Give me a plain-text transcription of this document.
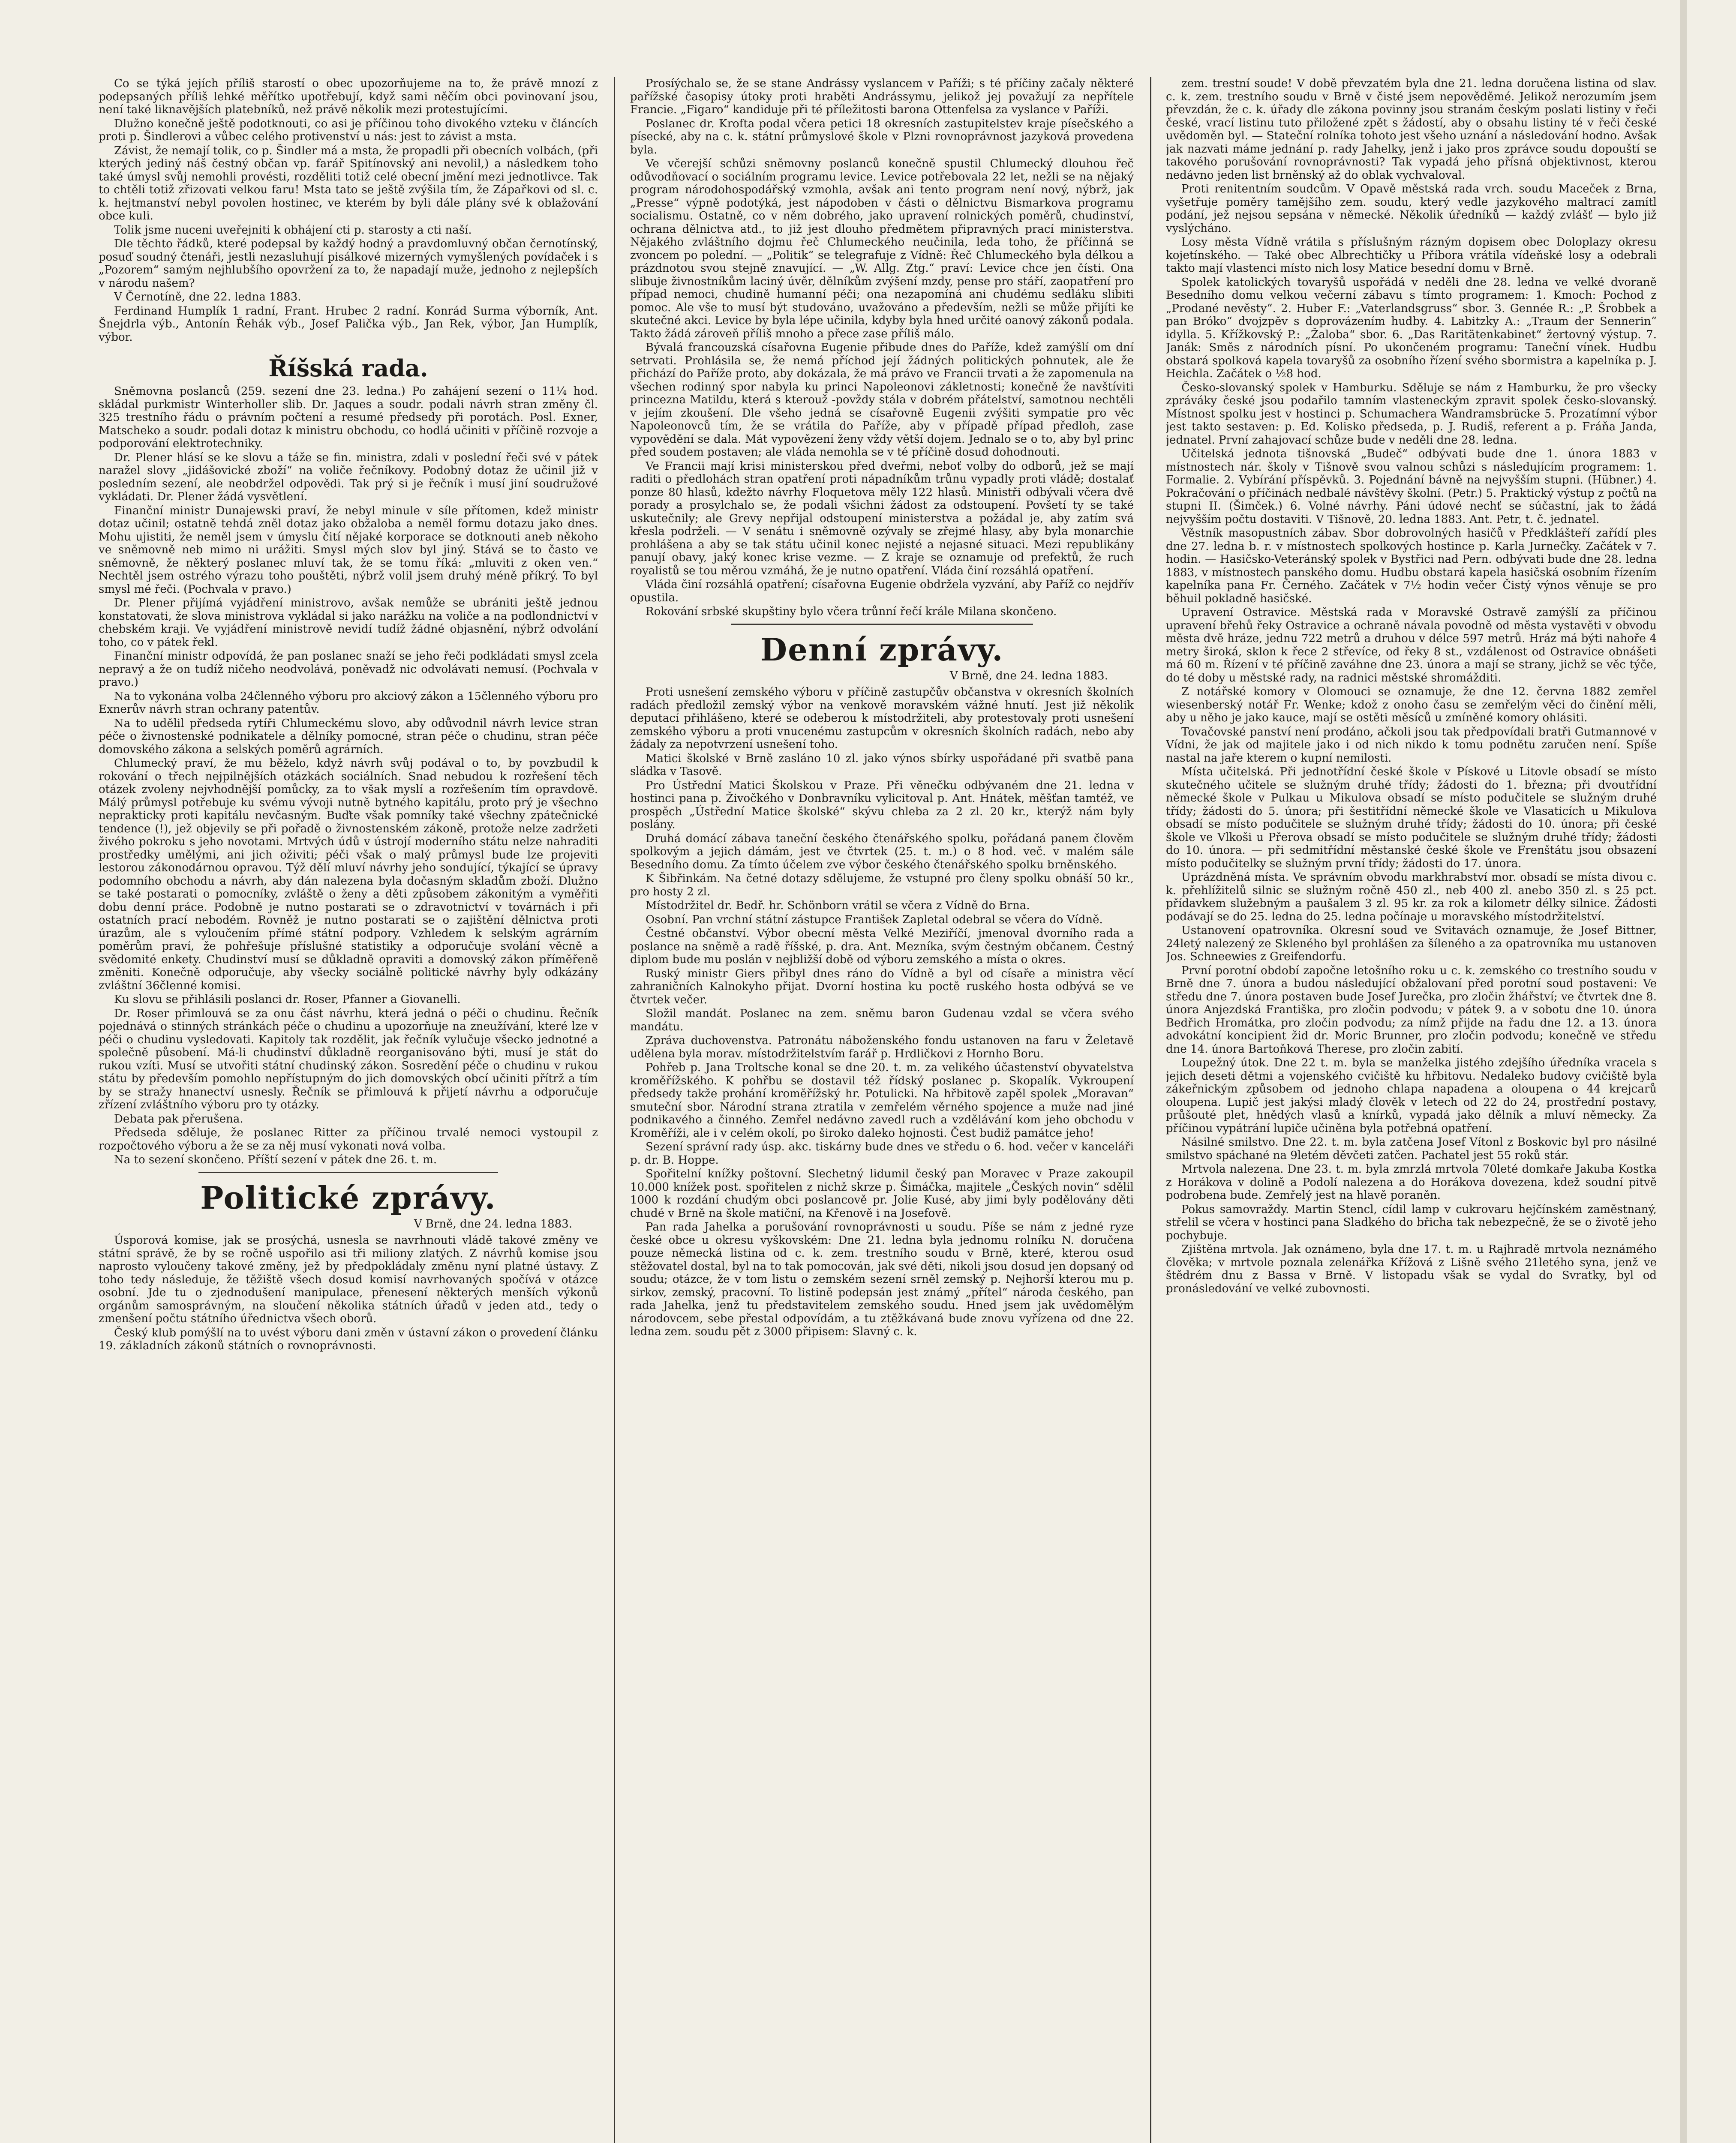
Co se týká jejích příliš starostí o obec upozorňujeme na to, že právě mnozí z podepsaných příliš lehké měřítko upotřebují, když sami něčím obci povinovaní jsou, není také liknavějších platebníků, než právě několik mezi protestujícími.

Dlužno konečně ještě podotknouti, co asi je příčinou toho divokého vzteku v článcích proti p. Šindlerovi a vůbec celého protivenství u nás: jest to závist a msta.

Závist, že nemají tolik, co p. Šindler má a msta, že propadli při obecních volbách, (při kterých jediný náš čestný občan vp. farář Spitínovský ani nevolil,) a následkem toho také úmysl svůj nemohli provésti, rozděliti totiž celé obecní jmění mezi jednotlivce. Tak to chtěli totiž zřizovati velkou faru! Msta tato se ještě zvýšila tím, že Zápařkovi od sl. c. k. hejtmanství nebyl povolen hostinec, ve kterém by byli dále plány své k oblažování obce kuli.

Tolik jsme nuceni uveřejniti k obhájení cti p. starosty a cti naší.

Dle těchto řádků, které podepsal by každý hodný a pravdomluvný občan černotínský, posuď soudný čtenáři, jestli nezasluhují pisálkové mizerných vymyšlených povídaček i s „Pozorem“ samým nejhlubšího opovržení za to, že napadají muže, jednoho z nejlepších v národu našem?

V Černotíně, dne 22. ledna 1883.

Ferdinand Humplík 1 radní, Frant. Hrubec 2 radní. Konrád Surma výborník, Ant. Šnejdrla výb., Antonín Řehák výb., Josef Palička výb., Jan Rek, výbor, Jan Humplík, výbor.

Říšská rada.

Sněmovna poslanců (259. sezení dne 23. ledna.) Po zahájení sezení o 11¼ hod. skládal purkmistr Winterholler slib. Dr. Jaques a soudr. podali návrh stran změny čl. 325 trestního řádu o právním počtení a resumé předsedy při porotách. Posl. Exner, Matscheko a soudr. podali dotaz k ministru obchodu, co hodlá učiniti v příčině rozvoje a podporování elektrotechniky.

Dr. Plener hlásí se ke slovu a táže se fin. ministra, zdali v poslední řeči své v pátek naražel slovy „jidášovické zboží“ na voliče řečníkovy. Podobný dotaz že učinil již v posledním sezení, ale neobdržel odpovědi. Tak prý si je řečník i musí jiní soudružové vykládati. Dr. Plener žádá vysvětlení.

Finanční ministr Dunajewski praví, že nebyl minule v síle přítomen, kdež ministr dotaz učinil; ostatně tehdá zněl dotaz jako obžaloba a neměl formu dotazu jako dnes. Mohu ujistiti, že neměl jsem v úmyslu čití nějaké korporace se dotknouti aneb někoho ve sněmovně neb mimo ni urážiti. Smysl mých slov byl jiný. Stává se to často ve sněmovně, že některý poslanec mluví tak, že se tomu říká: „mluviti z oken ven.“ Nechtěl jsem ostrého výrazu toho pouštěti, nýbrž volil jsem druhý méně příkrý. To byl smysl mé řeči. (Pochvala v pravo.)

Dr. Plener přijímá vyjádření ministrovo, avšak nemůže se ubrániti ještě jednou konstatovati, že slova ministrova vykládal si jako narážku na voliče a na podlondnictví v chebském kraji. Ve vyjádření ministrově nevidí tudíž žádné objasnění, nýbrž odvolání toho, co v pátek řekl.

Finanční ministr odpovídá, že pan poslanec snaží se jeho řeči podkládati smysl zcela nepravý a že on tudíž ničeho neodvolává, poněvadž nic odvolávati nemusí. (Pochvala v pravo.)

Na to vykonána volba 24členného výboru pro akciový zákon a 15členného výboru pro Exnerův návrh stran ochrany patentův.

Na to udělil předseda rytíři Chlumeckému slovo, aby odůvodnil návrh levice stran péče o živnostenské podnikatele a dělníky pomocné, stran péče o chudinu, stran péče domovského zákona a selských poměrů agrárních.

Chlumecký praví, že mu běželo, když návrh svůj podával o to, by povzbudil k rokování o třech nejpilnějších otázkách sociálních. Snad nebudou k rozřešení těch otázek zvoleny nejvhodnější pomůcky, za to však myslí a rozřešením tím opravdově. Málý průmysl potřebuje ku svému vývoji nutně bytného kapitálu, proto prý je všechno neprakticky proti kapitálu nevčasným. Buďte však pomníky také všechny zpátečnické tendence (!), jež objevily se při pořadě o živnostenském zákoně, protože nelze zadržeti živého pokroku s jeho novotami. Mrtvých údů v ústrojí moderního státu nelze nahraditi prostředky umělými, ani jich oživiti; péči však o malý průmysl bude lze projeviti lestorou zákonodárnou opravou. Týž dělí mluví návrhy jeho sondující, týkající se úpravy podomního obchodu a návrh, aby dán nalezena byla dočasným skladům zboží. Dlužno se také postarati o pomocníky, zvláště o ženy a děti způsobem zákonitým a vyměřiti dobu denní práce. Podobně je nutno postarati se o zdravotnictví v továrnách i při ostatních prací nebodém. Rovněž je nutno postarati se o zajištění dělnictva proti úrazům, ale s vyloučením přímé státní podpory. Vzhledem k selským agrárním poměrům praví, že pohřešuje příslušné statistiky a odporučuje svolání věcně a svědomité enkety. Chudinství musí se důkladně opraviti a domovský zákon příměřeně změniti. Konečně odporučuje, aby všecky sociálně politické návrhy byly odkázány zvláštní 36členné komisi.

Ku slovu se přihlásili poslanci dr. Roser, Pfanner a Giovanelli.

Dr. Roser přimlouvá se za onu část návrhu, která jedná o péči o chudinu. Řečník pojednává o stinných stránkách péče o chudinu a upozorňuje na zneužívání, které lze v péči o chudinu vysledovati. Kapitoly tak rozdělit, jak řečník vylučuje všecko jednotné a společně působení. Má-li chudinství důkladně reorganisováno býti, musí je stát do rukou vzíti. Musí se utvořiti státní chudinský zákon. Sosredění péče o chudinu v rukou státu by především pomohlo nepřístupným do jich domovských obcí učiniti přítrž a tím by se stražy hnanectví usnesly. Řečník se přimlouvá k přijetí návrhu a odporučuje zřízení zvláštního výboru pro ty otázky.

Debata pak přerušena.

Předseda sděluje, že poslanec Ritter za příčinou trvalé nemoci vystoupil z rozpočtového výboru a že se za něj musí vykonati nová volba.

Na to sezení skončeno. Příští sezení v pátek dne 26. t. m.

Politické zprávy.
V Brně, dne 24. ledna 1883.

Úsporová komise, jak se prosýchá, usnesla se navrhnouti vládě takové změny ve státní správě, že by se ročně uspořilo asi tři miliony zlatých. Z návrhů komise jsou naprosto vyloučeny takové změny, jež by předpokládaly změnu nyní platné ústavy. Z toho tedy následuje, že těžiště všech dosud komisí navrhovaných spočívá v otázce osobní. Jde tu o zjednodušení manipulace, přenesení některých menších výkonů orgánům samosprávným, na sloučení několika státních úřadů v jeden atd., tedy o zmenšení počtu státního úřednictva všech oborů.

Český klub pomýšlí na to uvést výboru dani změn v ústavní zákon o provedení článku 19. základních zákonů státních o rovnoprávnosti.

Prosíýchalo se, že se stane Andrássy vyslancem v Paříži; s té příčiny začaly některé pařížské časopisy útoky proti hraběti Andrássymu, jelikož jej považují za nepřítele Francie. „Figaro“ kandiduje při té příležitosti barona Ottenfelsa za vyslance v Paříži.

Poslanec dr. Krofta podal včera petici 18 okresních zastupitelstev kraje písečského a písecké, aby na c. k. státní průmyslové škole v Plzni rovnoprávnost jazyková provedena byla.

Ve včerejší schůzi sněmovny poslanců konečně spustil Chlumecký dlouhou řeč odůvodňovací o sociálním programu levice. Levice potřebovala 22 let, nežli se na nějaký program národohospodářský vzmohla, avšak ani tento program není nový, nýbrž, jak „Presse“ výpně podotýká, jest nápodoben v části o dělnictvu Bismarkova programu socialismu. Ostatně, co v něm dobrého, jako upravení rolnických poměrů, chudinství, ochrana dělnictva atd., to již jest dlouho předmětem připravných prací ministerstva. Nějakého zvláštního dojmu řeč Chlumeckého neučinila, leda toho, že příčinná se zvoncem po polední. — „Politik“ se telegrafuje z Vídně: Řeč Chlumeckého byla délkou a prázdnotou svou stejně znavující. — „W. Allg. Ztg.“ praví: Levice chce jen čísti. Ona slibuje živnostníkům laciný úvěr, dělníkům zvýšení mzdy, pense pro stáří, zaopatření pro případ nemoci, chudině humanní péči; ona nezapomíná ani chudému sedláku slibiti pomoc. Ale vše to musí být studováno, uvažováno a především, nežli se může přijíti ke skutečné akci. Levice by byla lépe učinila, kdyby byla hned určité oanový zákonů podala. Takto žádá zároveň příliš mnoho a přece zase příliš málo.

Bývalá francouzská císařovna Eugenie přibude dnes do Paříže, kdež zamýšlí om dní setrvati. Prohlásila se, že nemá příchod její žádných politických pohnutek, ale že přichází do Paříže proto, aby dokázala, že má právo ve Francii trvati a že zapomenula na všechen rodinný spor nabyla ku princi Napoleonovi zákletnosti; konečně že navštíviti princezna Matildu, která s kterouž -povždy stála v dobrém přátelství, samotnou nechtěli v jejím zkoušení. Dle všeho jedná se císařovně Eugenii zvýšiti sympatie pro věc Napoleonovců tím, že se vrátila do Paříže, aby v případě případ předloh, zase vypovědění se dala. Mát vypovězení ženy vždy větší dojem. Jednalo se o to, aby byl princ před soudem postaven; ale vláda nemohla se v té příčině dosud dohodnouti.

Ve Francii mají krisi ministerskou před dveřmi, neboť volby do odborů, jež se mají raditi o předlohách stran opatření proti nápadníkům trůnu vypadly proti vládě; dostalať ponze 80 hlasů, kdežto návrhy Floquetova měly 122 hlasů. Ministři odbývali včera dvě porady a prosylchalo se, že podali všichni žádost za odstoupení. Povšetí ty se také uskutečnily; ale Grevy nepřijal odstoupení ministerstva a požádal je, aby zatím svá křesla podrželi. — V senátu i sněmovně ozývaly se zřejmé hlasy, aby byla monarchie prohlášena a aby se tak státu učinil konec nejisté a nejasné situaci. Mezi republikány panují obavy, jaký konec krise vezme. — Z kraje se oznamuje od prefektů, že ruch royalistů se tou měrou vzmáhá, že je nutno opatření. Vláda činí rozsáhlá opatření.

Vláda činí rozsáhlá opatření; císařovna Eugenie obdržela vyzvání, aby Paříž co nejdřív opustila.

Rokování srbské skupštiny bylo včera trůnní řečí krále Milana skončeno.

Denní zprávy.
V Brně, dne 24. ledna 1883.

Proti usnešení zemského výboru v příčině zastupčův občanstva v okresních školních radách předložil zemský výbor na venkově moravském vážné hnutí. Jest již několik deputací přihlášeno, které se odeberou k místodržiteli, aby protestovaly proti usnešení zemského výboru a proti vnucenému zastupcům v okresních školních radách, nebo aby žádaly za nepotvrzení usnešení toho.

Matici školské v Brně zasláno 10 zl. jako výnos sbírky uspořádané při svatbě pana sládka v Tasově.

Pro Ústřední Matici Školskou v Praze. Při věnečku odbývaném dne 21. ledna v hostinci pana p. Živočkého v Donbravníku vylicitoval p. Ant. Hnátek, měšťan tamtéž, ve prospěch „Ústřední Matice školské“ skývu chleba za 2 zl. 20 kr., kterýž nám byly poslány.

Druhá domácí zábava taneční českého čtenářského spolku, pořádaná panem člověm spolkovým a jejich dámám, jest ve čtvrtek (25. t. m.) o 8 hod. več. v malém sále Besedního domu. Za tímto účelem zve výbor českého čtenářského spolku brněnského.

K Šibřinkám. Na četné dotazy sdělujeme, že vstupné pro členy spolku obnáší 50 kr., pro hosty 2 zl.

Místodržitel dr. Bedř. hr. Schönborn vrátil se včera z Vídně do Brna.

Osobní. Pan vrchní státní zástupce František Zapletal odebral se včera do Vídně.

Čestné občanství. Výbor obecní města Velké Meziříčí, jmenoval dvorního rada a poslance na sněmě a radě říšské, p. dra. Ant. Mezníka, svým čestným občanem. Čestný diplom bude mu poslán v nejbližší době od výboru zemského a místa o okres.

Ruský ministr Giers přibyl dnes ráno do Vídně a byl od císaře a ministra věcí zahraničních Kalnokyho přijat. Dvorní hostina ku poctě ruského hosta odbývá se ve čtvrtek večer.

Složil mandát. Poslanec na zem. sněmu baron Gudenau vzdal se včera svého mandátu.

Zpráva duchovenstva. Patronátu náboženského fondu ustanoven na faru v Želetavě udělena byla morav. místodržitelstvím farář p. Hrdličkovi z Hornho Boru.

Pohřeb p. Jana Troltsche konal se dne 20. t. m. za velikého účastenství obyvatelstva kroměřížského. K pohřbu se dostavil též řídský poslanec p. Skopalík. Vykroupení předsedy takže prohání kroměřížský hr. Potulicki. Na hřbitově zapěl spolek „Moravan“ smuteční sbor. Národní strana ztratila v zemřelém věrného spojence a muže nad jiné podnikavého a činného. Zemřel nedávno zavedl ruch a vzdělávání kom jeho obchodu v Kroměříži, ale i v celém okolí, po široko daleko hojnosti. Čest budiž památce jeho!

Sezení správní rady úsp. akc. tiskárny bude dnes ve středu o 6. hod. večer v kanceláři p. dr. B. Hoppe.

Spořitelní knížky poštovní. Slechetný lidumil český pan Moravec v Praze zakoupil 10.000 knížek post. spořitelen z nichž skrze p. Šimáčka, majitele „Českých novin“ sdělil 1000 k rozdání chudým obci poslancově pr. Jolie Kusé, aby jimi byly podělovány děti chudé v Brně na škole matiční, na Křenově i na Josefově.

Pan rada Jahelka a porušování rovnoprávnosti u soudu. Píše se nám z jedné ryze české obce u okresu vyškovském: Dne 21. ledna byla jednomu rolníku N. doručena pouze německá listina od c. k. zem. trestního soudu v Brně, které, kterou osud stěžovatel dostal, byl na to tak pomocován, jak své děti, nikoli jsou dosud jen dopsaný od soudu; otázce, že v tom listu o zemském sezení srněl zemský p. Nejhorší kterou mu p. sirkov, zemský, pracovní. To listině podepsán jest známý „přítel“ národa českého, pan rada Jahelka, jenž tu představitelem zemského soudu. Hned jsem jak uvědomělým národovcem, sebe přestal odpovídám, a tu ztěžkávaná bude znovu vyřízena od dne 22. ledna zem. soudu pět z 3000 připisem: Slavný c. k.

zem. trestní soude! V době převzatém byla dne 21. ledna doručena listina od slav. c. k. zem. trestního soudu v Brně v čisté jsem nepověděmé. Jelikož nerozumím jsem převzdán, že c. k. úřady dle zákona povinny jsou stranám českým poslati listiny v řeči české, vrací listinu tuto přiložené zpět s žádostí, aby o obsahu listiny té v řeči české uvědoměn byl. — Stateční rolníka tohoto jest všeho uznání a následování hodno. Avšak jak nazvati máme jednání p. rady Jahelky, jenž i jako pros zprávce soudu dopouští se takového porušování rovnoprávnosti? Tak vypadá jeho přísná objektivnost, kterou nedávno jeden list brněnský až do oblak vychvaloval.

Proti renitentním soudcům. V Opavě městská rada vrch. soudu Maceček z Brna, vyšetřuje poměry tamějšího zem. soudu, který vedle jazykového maltrací zamítl podání, jež nejsou sepsána v německé. Několik úředníků — každý zvlášť — bylo již vyslýcháno.

Losy města Vídně vrátila s příslušným rázným dopisem obec Doloplazy okresu kojetínského. — Také obec Albrechtičky u Příbora vrátila vídeňské losy a odebrali takto mají vlastenci místo nich losy Matice besední domu v Brně.

Spolek katolických tovaryšů uspořádá v neděli dne 28. ledna ve velké dvoraně Besedního domu velkou večerní zábavu s tímto programem: 1. Kmoch: Pochod z „Prodané nevěsty“. 2. Huber F.: „Vaterlandsgruss“ sbor. 3. Gennée R.: „P. Šrobbek a pan Bróko“ dvojzpěv s doprovázením hudby. 4. Labitzky A.: „Traum der Sennerin“ idylla. 5. Křížkovský P.: „Žaloba“ sbor. 6. „Das Raritätenkabinet“ žertovný výstup. 7. Janák: Směs z národních písní. Po ukončeném programu: Taneční vínek. Hudbu obstará spolková kapela tovaryšů za osobního řízení svého sbormistra a kapelníka p. J. Heichla. Začátek o ½8 hod.

Česko-slovanský spolek v Hamburku. Sděluje se nám z Hamburku, že pro všecky zpráváky české jsou podařilo tamním vlasteneckým zpravit spolek česko-slovanský. Místnost spolku jest v hostinci p. Schumachera Wandramsbrücke 5. Prozatímní výbor jest takto sestaven: p. Ed. Kolisko předseda, p. J. Rudiš, referent a p. Fráňa Janda, jednatel. První zahajovací schůze bude v neděli dne 28. ledna.

Učitelská jednota tišnovská „Budeč“ odbývati bude dne 1. února 1883 v místnostech nár. školy v Tišnově svou valnou schůzi s následujícím programem: 1. Formalie. 2. Vybírání příspěvků. 3. Pojednání bávně na nejvyšším stupni. (Hübner.) 4. Pokračování o příčinách nedbalé návštěvy školní. (Petr.) 5. Praktický výstup z počtů na stupni II. (Šimček.) 6. Volné návrhy. Páni údové nechť se súčastní, jak to žádá nejvyšším počtu dostaviti. V Tišnově, 20. ledna 1883. Ant. Petr, t. č. jednatel.

Věstník masopustních zábav. Sbor dobrovolných hasičů v Předklášteří zařídí ples dne 27. ledna b. r. v místnostech spolkových hostince p. Karla Jurnečky. Začátek v 7. hodin. — Hasičsko-Veteránský spolek v Bystřici nad Pern. odbývati bude dne 28. ledna 1883, v místnostech panského domu. Hudbu obstará kapela hasičská osobním řízením kapelníka pana Fr. Černého. Začátek v 7½ hodin večer Čistý výnos věnuje se pro běhuil pokladně hasičské.

Upravení Ostravice. Městská rada v Moravské Ostravě zamýšlí za příčinou upravení břehů řeky Ostravice a ochraně návala povodně od města vystavěti v obvodu města dvě hráze, jednu 722 metrů a druhou v délce 597 metrů. Hráz má býti nahoře 4 metry široká, sklon k řece 2 střevíce, od řeky 8 st., vzdálenost od Ostravice obnášeti má 60 m. Řízení v té příčině zaváhne dne 23. února a mají se strany, jichž se věc týče, do té doby u městské rady, na radnici městské shromážditi.

Z notářské komory v Olomouci se oznamuje, že dne 12. června 1882 zemřel wiesenberský notář Fr. Wenke; kdož z onoho času se zemřelým věci do činění měli, aby u něho je jako kauce, mají se ostěti měsíců u zmíněné komory ohlásiti.

Tovačovské panství není prodáno, ačkoli jsou tak předpovídali bratři Gutmannové v Vídni, že jak od majitele jako i od nich nikdo k tomu podnětu zaručen není. Spíše nastal na jaře kterem o kupní nemilosti.

Místa učitelská. Při jednotřídní české škole v Pískové u Litovle obsadí se místo skutečného učitele se služným druhé třídy; žádosti do 1. března; při dvoutřídní německé škole v Pulkau u Mikulova obsadí se místo podučitele se služným druhé třídy; žádosti do 5. února; při šestitřídní německé škole ve Vlasaticích u Mikulova obsadí se místo podučitele se služným druhé třídy; žádosti do 10. února; při české škole ve Vlkoši u Přerova obsadí se místo podučitele se služným druhé třídy; žádosti do 10. února. — při sedmitřídní městanské české škole ve Frenštátu jsou obsazení místo podučitelky se služným první třídy; žádosti do 17. února.

Uprázdněná místa. Ve správním obvodu markhrabství mor. obsadí se místa divou c. k. přehlížitelů silnic se služným ročně 450 zl., neb 400 zl. anebo 350 zl. s 25 pct. přídavkem služebným a paušalem 3 zl. 95 kr. za rok a kilometr délky silnice. Žádosti podávají se do 25. ledna do 25. ledna počínaje u moravského místodržitelství.

Ustanovení opatrovníka. Okresní soud ve Svitavách oznamuje, že Josef Bittner, 24letý nalezený ze Skleného byl prohlášen za šíleného a za opatrovníka mu ustanoven Jos. Schneewies z Greifendorfu.

První porotní období započne letošního roku u c. k. zemského co trestního soudu v Brně dne 7. února a budou následující obžalovaní před porotní soud postaveni: Ve středu dne 7. února postaven bude Josef Jurečka, pro zločin žhářství; ve čtvrtek dne 8. února Anjezdská Františka, pro zločin podvodu; v pátek 9. a v sobotu dne 10. února Bedřich Hromátka, pro zločin podvodu; za nímž přijde na řadu dne 12. a 13. února advokátní koncipient žid dr. Moric Brunner, pro zločin podvodu; konečně ve středu dne 14. února Bartoňková Therese, pro zločin zabití.

Loupežný útok. Dne 22 t. m. byla se manželka jistého zdejšího úředníka vracela s jejich deseti dětmi a vojenského cvičiště ku hřbitovu. Nedaleko budovy cvičiště byla zákeřnickým způsobem od jednoho chlapa napadena a oloupena o 44 krejcarů oloupena. Lupič jest jakýsi mladý člověk v letech od 22 do 24, prostřední postavy, průšouté plet, hnědých vlasů a knírků, vypadá jako dělník a mluví německy. Za příčinou vypátrání lupiče učiněna byla potřebná opatření.

Násilné smilstvo. Dne 22. t. m. byla zatčena Josef Vítonl z Boskovic byl pro násilné smilstvo spáchané na 9letém děvčeti zatčen. Pachatel jest 55 roků stár.

Mrtvola nalezena. Dne 23. t. m. byla zmrzlá mrtvola 70leté domkaře Jakuba Kostka z Horákova v dolině a Podolí nalezena a do Horákova dovezena, kdež soudní pitvě podrobena bude. Zemřelý jest na hlavě poraněn.

Pokus samovraždy. Martin Stencl, cídil lamp v cukrovaru hejčínském zaměstnaný, střelil se včera v hostinci pana Sladkého do břicha tak nebezpečně, že se o životě jeho pochybuje.

Zjištěna mrtvola. Jak oznámeno, byla dne 17. t. m. u Rajhradě mrtvola neznámého člověka; v mrtvole poznala zelenářka Křížová z Lišně svého 21letého syna, jenž ve štědrém dnu z Bassa v Brně. V listopadu však se vydal do Svratky, byl od pronásledování ve velké zubovnosti.
